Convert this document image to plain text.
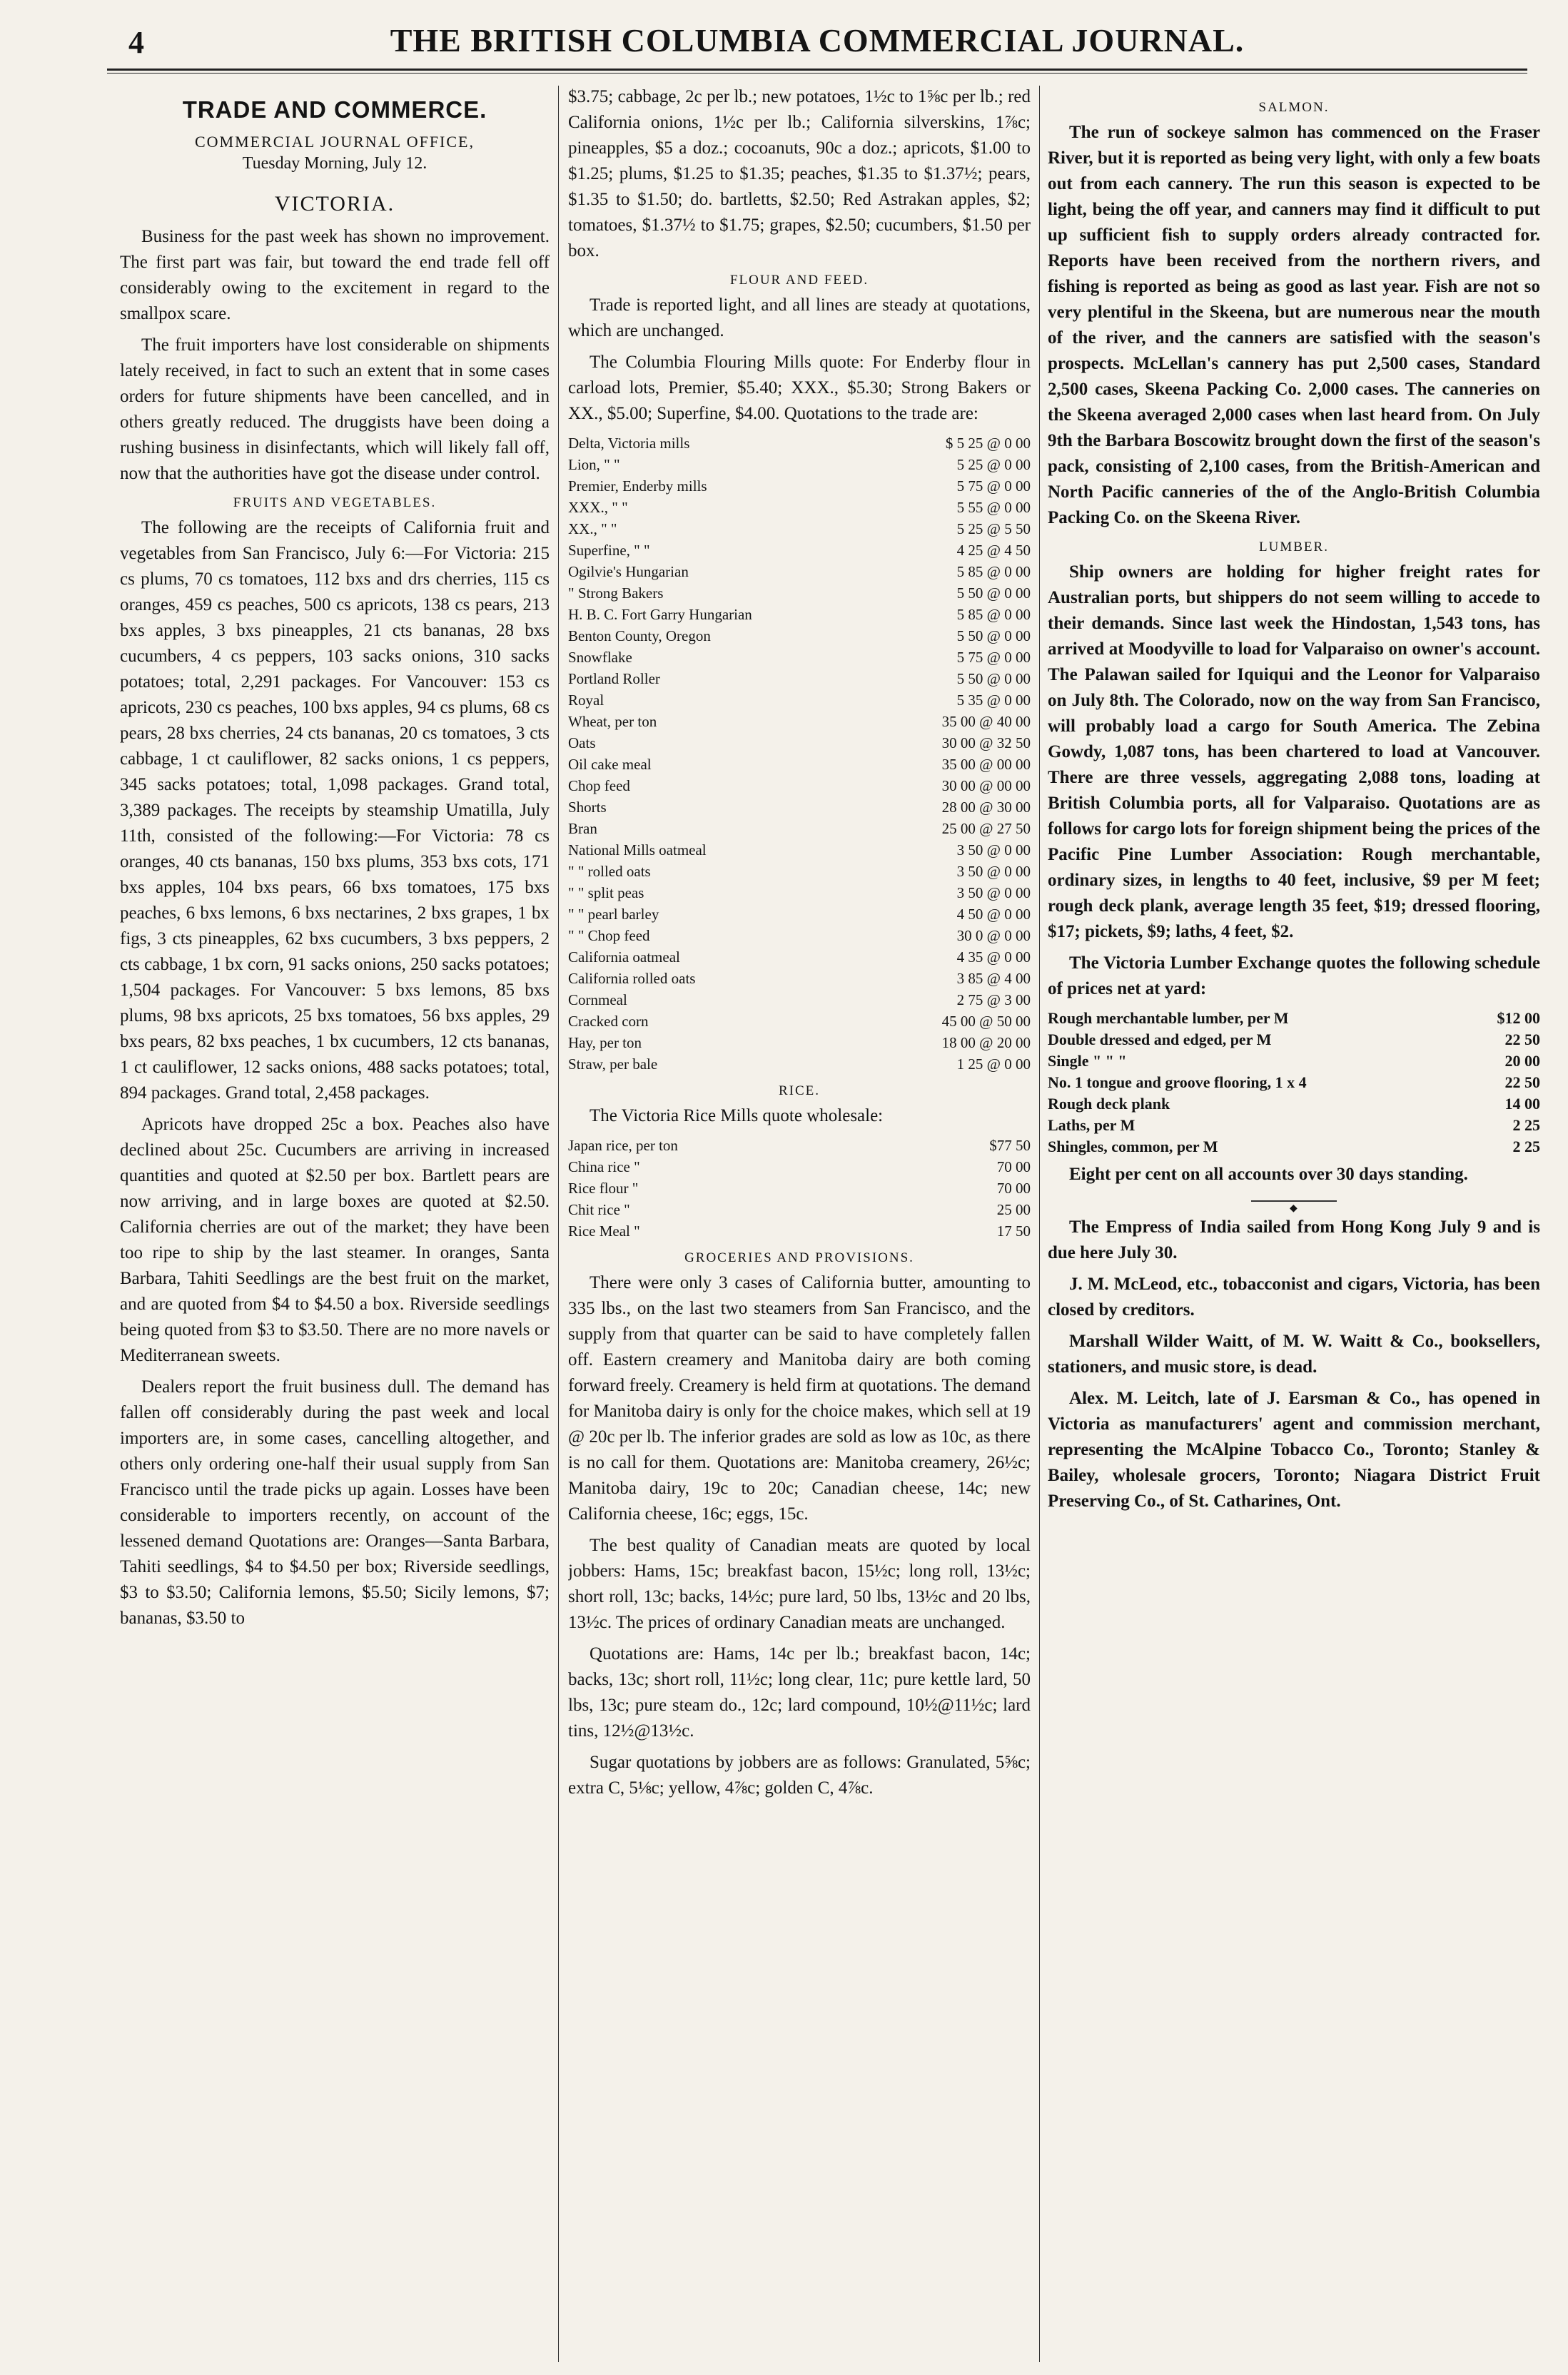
4	THE BRITISH COLUMBIA COMMERCIAL JOURNAL.
TRADE AND COMMERCE.
COMMERCIAL JOURNAL OFFICE,
Tuesday Morning, July 12.
VICTORIA.

Business for the past week has shown no improvement. The first part was fair, but toward the end trade fell off considerably owing to the excitement in regard to the smallpox scare.

The fruit importers have lost considerable on shipments lately received, in fact to such an extent that in some cases orders for future shipments have been cancelled, and in others greatly reduced. The druggists have been doing a rushing business in disinfectants, which will likely fall off, now that the authorities have got the disease under control.

FRUITS AND VEGETABLES.

The following are the receipts of California fruit and vegetables from San Francisco, July 6:—For Victoria: 215 cs plums, 70 cs tomatoes, 112 bxs and drs cherries, 115 cs oranges, 459 cs peaches, 500 cs apricots, 138 cs pears, 213 bxs apples, 3 bxs pineapples, 21 cts bananas, 28 bxs cucumbers, 4 cs peppers, 103 sacks onions, 310 sacks potatoes; total, 2,291 packages. For Vancouver: 153 cs apricots, 230 cs peaches, 100 bxs apples, 94 cs plums, 68 cs pears, 28 bxs cherries, 24 cts bananas, 20 cs tomatoes, 3 cts cabbage, 1 ct cauliflower, 82 sacks onions, 1 cs peppers, 345 sacks potatoes; total, 1,098 packages. Grand total, 3,389 packages. The receipts by steamship Umatilla, July 11th, consisted of the following:—For Victoria: 78 cs oranges, 40 cts bananas, 150 bxs plums, 353 bxs cots, 171 bxs apples, 104 bxs pears, 66 bxs tomatoes, 175 bxs peaches, 6 bxs lemons, 6 bxs nectarines, 2 bxs grapes, 1 bx figs, 3 cts pineapples, 62 bxs cucumbers, 3 bxs peppers, 2 cts cabbage, 1 bx corn, 91 sacks onions, 250 sacks potatoes; 1,504 packages. For Vancouver: 5 bxs lemons, 85 bxs plums, 98 bxs apricots, 25 bxs tomatoes, 56 bxs apples, 29 bxs pears, 82 bxs peaches, 1 bx cucumbers, 12 cts bananas, 1 ct cauliflower, 12 sacks onions, 488 sacks potatoes; total, 894 packages. Grand total, 2,458 packages.

Apricots have dropped 25c a box. Peaches also have declined about 25c. Cucumbers are arriving in increased quantities and quoted at $2.50 per box. Bartlett pears are now arriving, and in large boxes are quoted at $2.50. California cherries are out of the market; they have been too ripe to ship by the last steamer. In oranges, Santa Barbara, Tahiti Seedlings are the best fruit on the market, and are quoted from $4 to $4.50 a box. Riverside seedlings being quoted from $3 to $3.50. There are no more navels or Mediterranean sweets.

Dealers report the fruit business dull. The demand has fallen off considerably during the past week and local importers are, in some cases, cancelling altogether, and others only ordering one-half their usual supply from San Francisco until the trade picks up again. Losses have been considerable to importers recently, on account of the lessened demand Quotations are: Oranges—Santa Barbara, Tahiti seedlings, $4 to $4.50 per box; Riverside seedlings, $3 to $3.50; California lemons, $5.50; Sicily lemons, $7; bananas, $3.50 to

$3.75; cabbage, 2c per lb.; new potatoes, 1½c to 1⅝c per lb.; red California onions, 1½c per lb.; California silverskins, 1⅞c; pineapples, $5 a doz.; cocoanuts, 90c a doz.; apricots, $1.00 to $1.25; plums, $1.25 to $1.35; peaches, $1.35 to $1.37½; pears, $1.35 to $1.50; do. bartletts, $2.50; Red Astrakan apples, $2; tomatoes, $1.37½ to $1.75; grapes, $2.50; cucumbers, $1.50 per box.

FLOUR AND FEED.

Trade is reported light, and all lines are steady at quotations, which are unchanged.

The Columbia Flouring Mills quote: For Enderby flour in carload lots, Premier, $5.40; XXX., $5.30; Strong Bakers or XX., $5.00; Superfine, $4.00. Quotations to the trade are:

Delta, Victoria mills	$ 5 25 @ 0 00
Lion, " "	5 25 @ 0 00
Premier, Enderby mills	5 75 @ 0 00
XXX., " "	5 55 @ 0 00
XX., " "	5 25 @ 5 50
Superfine, " "	4 25 @ 4 50
Ogilvie's Hungarian	5 85 @ 0 00
" Strong Bakers	5 50 @ 0 00
H. B. C. Fort Garry Hungarian	5 85 @ 0 00
Benton County, Oregon	5 50 @ 0 00
Snowflake	5 75 @ 0 00
Portland Roller	5 50 @ 0 00
Royal	5 35 @ 0 00
Wheat, per ton	35 00 @ 40 00
Oats	30 00 @ 32 50
Oil cake meal	35 00 @ 00 00
Chop feed	30 00 @ 00 00
Shorts	28 00 @ 30 00
Bran	25 00 @ 27 50
National Mills oatmeal	3 50 @ 0 00
" " rolled oats	3 50 @ 0 00
" " split peas	3 50 @ 0 00
" " pearl barley	4 50 @ 0 00
" " Chop feed	30 0 @ 0 00
California oatmeal	4 35 @ 0 00
California rolled oats	3 85 @ 4 00
Cornmeal	2 75 @ 3 00
Cracked corn	45 00 @ 50 00
Hay, per ton	18 00 @ 20 00
Straw, per bale	1 25 @ 0 00
RICE.

The Victoria Rice Mills quote wholesale:

Japan rice, per ton	$77 50
China rice "	70 00
Rice flour "	70 00
Chit rice "	25 00
Rice Meal "	17 50
GROCERIES AND PROVISIONS.

There were only 3 cases of California butter, amounting to 335 lbs., on the last two steamers from San Francisco, and the supply from that quarter can be said to have completely fallen off. Eastern creamery and Manitoba dairy are both coming forward freely. Creamery is held firm at quotations. The demand for Manitoba dairy is only for the choice makes, which sell at 19 @ 20c per lb. The inferior grades are sold as low as 10c, as there is no call for them. Quotations are: Manitoba creamery, 26½c; Manitoba dairy, 19c to 20c; Canadian cheese, 14c; new California cheese, 16c; eggs, 15c.

The best quality of Canadian meats are quoted by local jobbers: Hams, 15c; breakfast bacon, 15½c; long roll, 13½c; short roll, 13c; backs, 14½c; pure lard, 50 lbs, 13½c and 20 lbs, 13½c. The prices of ordinary Canadian meats are unchanged.

Quotations are: Hams, 14c per lb.; breakfast bacon, 14c; backs, 13c; short roll, 11½c; long clear, 11c; pure kettle lard, 50 lbs, 13c; pure steam do., 12c; lard compound, 10½@11½c; lard tins, 12½@13½c.

Sugar quotations by jobbers are as follows: Granulated, 5⅝c; extra C, 5⅛c; yellow, 4⅞c; golden C, 4⅞c.

SALMON.

The run of sockeye salmon has commenced on the Fraser River, but it is reported as being very light, with only a few boats out from each cannery. The run this season is expected to be light, being the off year, and canners may find it difficult to put up sufficient fish to supply orders already contracted for. Reports have been received from the northern rivers, and fishing is reported as being as good as last year. Fish are not so very plentiful in the Skeena, but are numerous near the mouth of the river, and the canners are satisfied with the season's prospects. McLellan's cannery has put 2,500 cases, Standard 2,500 cases, Skeena Packing Co. 2,000 cases. The canneries on the Skeena averaged 2,000 cases when last heard from. On July 9th the Barbara Boscowitz brought down the first of the season's pack, consisting of 2,100 cases, from the British-American and North Pacific canneries of the of the Anglo-British Columbia Packing Co. on the Skeena River.

LUMBER.

Ship owners are holding for higher freight rates for Australian ports, but shippers do not seem willing to accede to their demands. Since last week the Hindostan, 1,543 tons, has arrived at Moodyville to load for Valparaiso on owner's account. The Palawan sailed for Iquiqui and the Leonor for Valparaiso on July 8th. The Colorado, now on the way from San Francisco, will probably load a cargo for South America. The Zebina Gowdy, 1,087 tons, has been chartered to load at Vancouver. There are three vessels, aggregating 2,088 tons, loading at British Columbia ports, all for Valparaiso. Quotations are as follows for cargo lots for foreign shipment being the prices of the Pacific Pine Lumber Association: Rough merchantable, ordinary sizes, in lengths to 40 feet, inclusive, $9 per M feet; rough deck plank, average length 35 feet, $19; dressed flooring, $17; pickets, $9; laths, 4 feet, $2.

The Victoria Lumber Exchange quotes the following schedule of prices net at yard:

Rough merchantable lumber, per M	$12 00
Double dressed and edged, per M	22 50
Single " " "	20 00
No. 1 tongue and groove flooring, 1 x 4	22 50
Rough deck plank	14 00
Laths, per M	2 25
Shingles, common, per M	2 25

Eight per cent on all accounts over 30 days standing.

◆

The Empress of India sailed from Hong Kong July 9 and is due here July 30.

J. M. McLeod, etc., tobacconist and cigars, Victoria, has been closed by creditors.

Marshall Wilder Waitt, of M. W. Waitt & Co., booksellers, stationers, and music store, is dead.

Alex. M. Leitch, late of J. Earsman & Co., has opened in Victoria as manufacturers' agent and commission merchant, representing the McAlpine Tobacco Co., Toronto; Stanley & Bailey, wholesale grocers, Toronto; Niagara District Fruit Preserving Co., of St. Catharines, Ont.
